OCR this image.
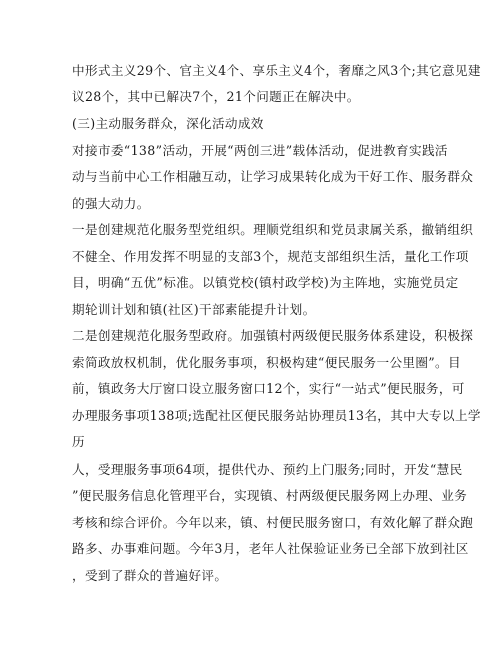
中形式主义29个、官主义4个、享乐主义4个，奢靡之风3个;其它意见建
议28个，其中已解决7个，21个问题正在解决中。
(三)主动服务群众，深化活动成效
对接市委“138”活动，开展“两创三进”载体活动，促进教育实践活
动与当前中心工作相融互动，让学习成果转化成为干好工作、服务群众
的强大动力。
一是创建规范化服务型党组织。理顺党组织和党员隶属关系，撤销组织
不健全、作用发挥不明显的支部3个，规范支部组织生活，量化工作项
目，明确“五优”标准。以镇党校(镇村政学校)为主阵地，实施党员定
期轮训计划和镇(社区)干部素能提升计划。
二是创建规范化服务型政府。加强镇村两级便民服务体系建设，积极探
索简政放权机制，优化服务事项，积极构建“便民服务一公里圈”。目
前，镇政务大厅窗口设立服务窗口12个，实行“一站式”便民服务，可
办理服务事项138项;选配社区便民服务站协理员13名，其中大专以上学
历
人，受理服务事项64项，提供代办、预约上门服务;同时，开发“慧民
”便民服务信息化管理平台，实现镇、村两级便民服务网上办理、业务
考核和综合评价。今年以来，镇、村便民服务窗口，有效化解了群众跑
路多、办事难问题。今年3月，老年人社保验证业务已全部下放到社区
，受到了群众的普遍好评。
